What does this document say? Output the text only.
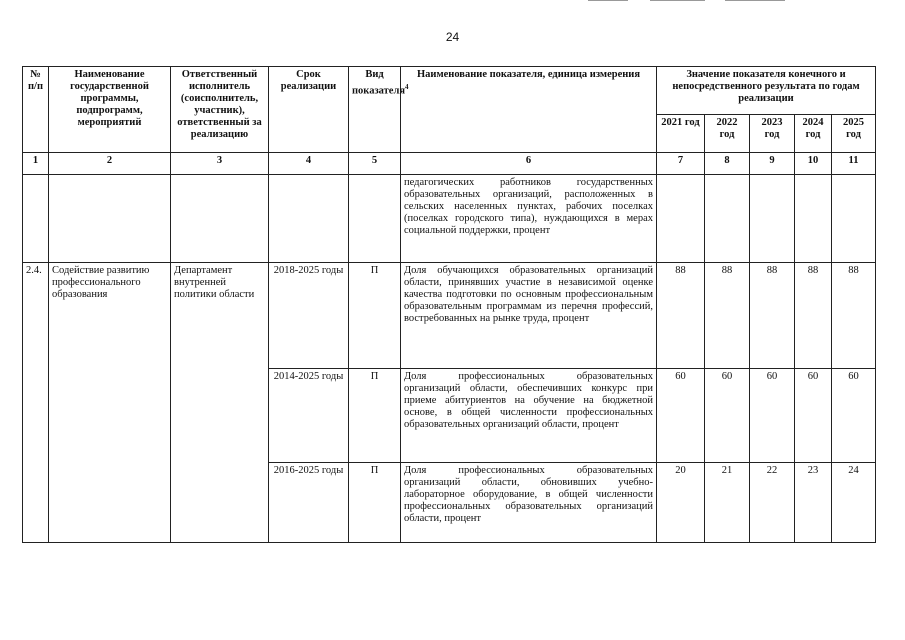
24
№ п/п	Наименование государственной программы, подпрограмм, мероприятий	Ответственный исполнитель (соисполнитель, участник), ответственный за реализацию	Срок реализации	Вид показателя$^4$	Наименование показателя, единица измерения	Значение показателя конечного и непосредственного результата по годам реализации				
						2021 год	2022 год	2023 год	2024 год	2025 год
1	2	3	4	5	6	7	8	9	10	11
					педагогических работников государственных образовательных организаций, расположенных в сельских населенных пунктах, рабочих поселках (поселках городского типа), нуждающихся в мерах социальной поддержки, процент					
2.4.	Содействие развитию профессионального образования	Департамент внутренней политики области	2018-2025 годы	П	Доля обучающихся образовательных организаций области, принявших участие в независимой оценке качества подготовки по основным профессиональным образовательным программам из перечня профессий, востребованных на рынке труда, процент	88	88	88	88	88
			2014-2025 годы	П	Доля профессиональных образовательных организаций области, обеспечивших конкурс при приеме абитуриентов на обучение на бюджетной основе, в общей численности профессиональных образовательных организаций области, процент	60	60	60	60	60
			2016-2025 годы	П	Доля профессиональных образовательных организаций области, обновивших учебно-лабораторное оборудование, в общей численности профессиональных образовательных организаций области, процент	20	21	22	23	24
